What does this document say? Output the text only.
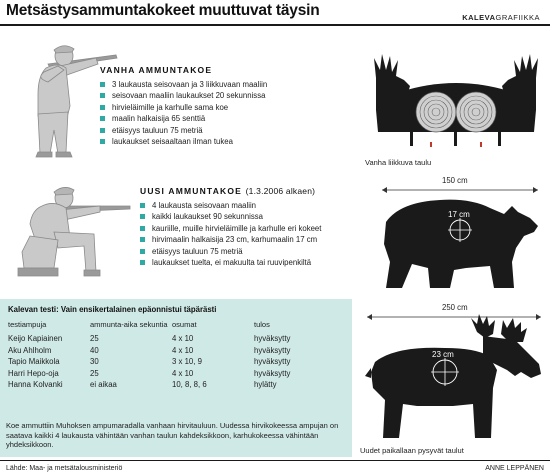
Metsästysammuntakokeet muuttuvat täysin	KALEVAGRAFIIKKA
VANHA AMMUNTAKOE
3 laukausta seisovaan ja 3 liikkuvaan maaliin
seisovaan maaliin laukaukset 20 sekunnissa
hirvieläimille ja karhulle sama koe
maalin halkaisija 65 senttiä
etäisyys tauluun 75 metriä
laukaukset seisaaltaan ilman tukea
65 cm
Vanha liikkuva taulu
UUSI AMMUNTAKOE (1.3.2006 alkaen)
4 laukausta seisovaan maaliin
kaikki laukaukset 90 sekunnissa
kauriille, muille hirvieläimille ja karhulle eri kokeet
hirvimaalin halkaisija 23 cm, karhumaalin 17 cm
etäisyys tauluun 75 metriä
laukaukset tuelta, ei makuulta tai ruuvipenkiltä
150 cm
17 cm
Kalevan testi: Vain ensikertalainen epäonnistui täpärästi
testiampuja	ammunta-aika sekuntia	osumat	tulos
Keijo Kapiainen	25	4 x 10	hyväksytty
Aku Ahlholm	40	4 x 10	hyväksytty
Tapio Maikkola	30	3 x 10, 9	hyväksytty
Harri Hepo-oja	25	4 x 10	hyväksytty
Hanna Kolvanki	ei aikaa	10, 8, 8, 6	hylätty
Koe ammuttiin Muhoksen ampumaradalla vanhaan hirvitauluun. Uudessa hirvikokeessa ampujan on saatava kaikki 4 laukausta vähintään vanhan taulun kahdeksikkoon, karhukokeessa vähintään yhdeksikkoon.
250 cm
23 cm
Uudet paikallaan pysyvät taulut
Lähde: Maa- ja metsätalousministeriö	ANNE LEPPÄNEN
